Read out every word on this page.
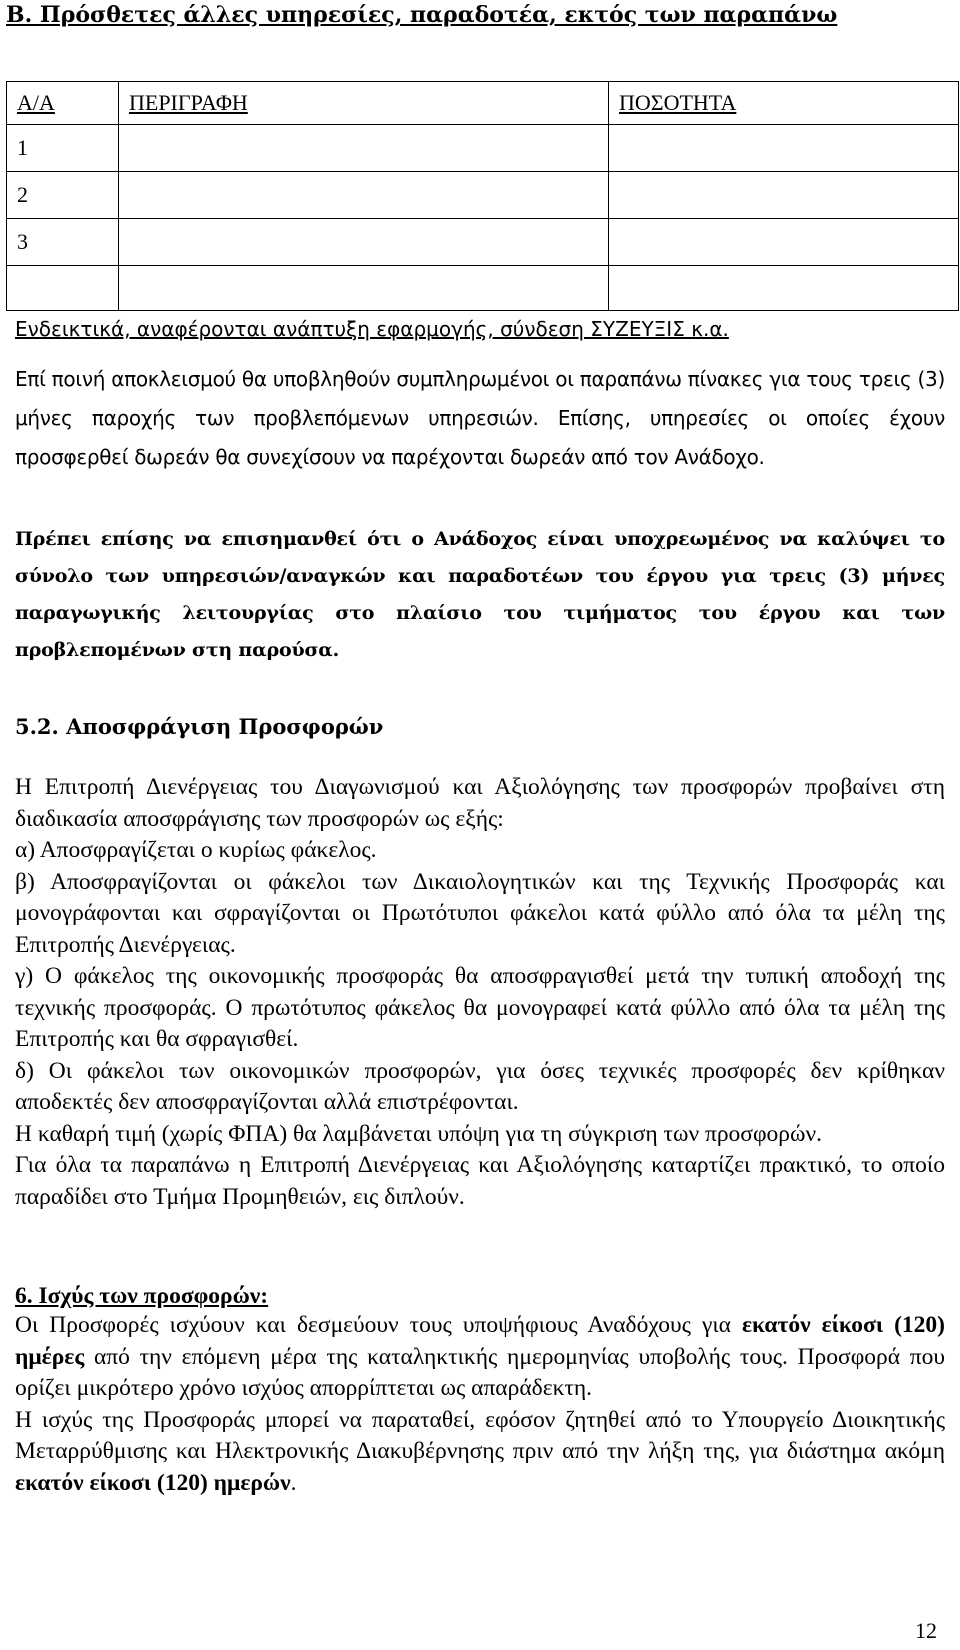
Β. Πρόσθετες άλλες υπηρεσίες, παραδοτέα, εκτός των παραπάνω
Α/Α	ΠΕΡΙΓΡΑΦΗ	ΠΟΣΟΤΗΤΑ
1		
2		
3		

Ενδεικτικά, αναφέρονται ανάπτυξη εφαρμογής, σύνδεση ΣΥΖΕΥΞΙΣ κ.α.
Επί ποινή αποκλεισμού θα υποβληθούν συμπληρωμένοι οι παραπάνω πίνακες για τους τρεις (3) μήνες παροχής των προβλεπόμενων υπηρεσιών. Επίσης, υπηρεσίες οι οποίες έχουν προσφερθεί δωρεάν θα συνεχίσουν να παρέχονται δωρεάν από τον Ανάδοχο.
Πρέπει επίσης να επισημανθεί ότι ο Ανάδοχος είναι υποχρεωμένος να καλύψει το σύνολο των υπηρεσιών/αναγκών και παραδοτέων του έργου για τρεις (3) μήνες παραγωγικής λειτουργίας στο πλαίσιο του τιμήματος του έργου και των προβλεπομένων στη παρούσα.
5.2. Αποσφράγιση Προσφορών

Η Επιτροπή Διενέργειας του Διαγωνισμού και Αξιολόγησης των προσφορών προβαίνει στη διαδικασία αποσφράγισης των προσφορών ως εξής:

α) Αποσφραγίζεται ο κυρίως φάκελος.

β) Αποσφραγίζονται οι φάκελοι των Δικαιολογητικών και της Τεχνικής Προσφοράς και μονογράφονται και σφραγίζονται οι Πρωτότυποι φάκελοι κατά φύλλο από όλα τα μέλη της Επιτροπής Διενέργειας.

γ) Ο φάκελος της οικονομικής προσφοράς θα αποσφραγισθεί μετά την τυπική αποδοχή της τεχνικής προσφοράς. Ο πρωτότυπος φάκελος θα μονογραφεί κατά φύλλο από όλα τα μέλη της Επιτροπής και θα σφραγισθεί.

δ) Οι φάκελοι των οικονομικών προσφορών, για όσες τεχνικές προσφορές δεν κρίθηκαν αποδεκτές δεν αποσφραγίζονται αλλά επιστρέφονται.

Η καθαρή τιμή (χωρίς ΦΠΑ) θα λαμβάνεται υπόψη για τη σύγκριση των προσφορών.

Για όλα τα παραπάνω η Επιτροπή Διενέργειας και Αξιολόγησης καταρτίζει πρακτικό, το οποίο παραδίδει στο Τμήμα Προμηθειών, εις διπλούν.

6. Ισχύς των προσφορών:

Οι Προσφορές ισχύουν και δεσμεύουν τους υποψήφιους Αναδόχους για εκατόν είκοσι (120) ημέρες από την επόμενη μέρα της καταληκτικής ημερομηνίας υποβολής τους. Προσφορά που ορίζει μικρότερο χρόνο ισχύος απορρίπτεται ως απαράδεκτη.

Η ισχύς της Προσφοράς μπορεί να παραταθεί, εφόσον ζητηθεί από το Υπουργείο Διοικητικής Μεταρρύθμισης και Ηλεκτρονικής Διακυβέρνησης πριν από την λήξη της, για διάστημα ακόμη εκατόν είκοσι (120) ημερών.

12
